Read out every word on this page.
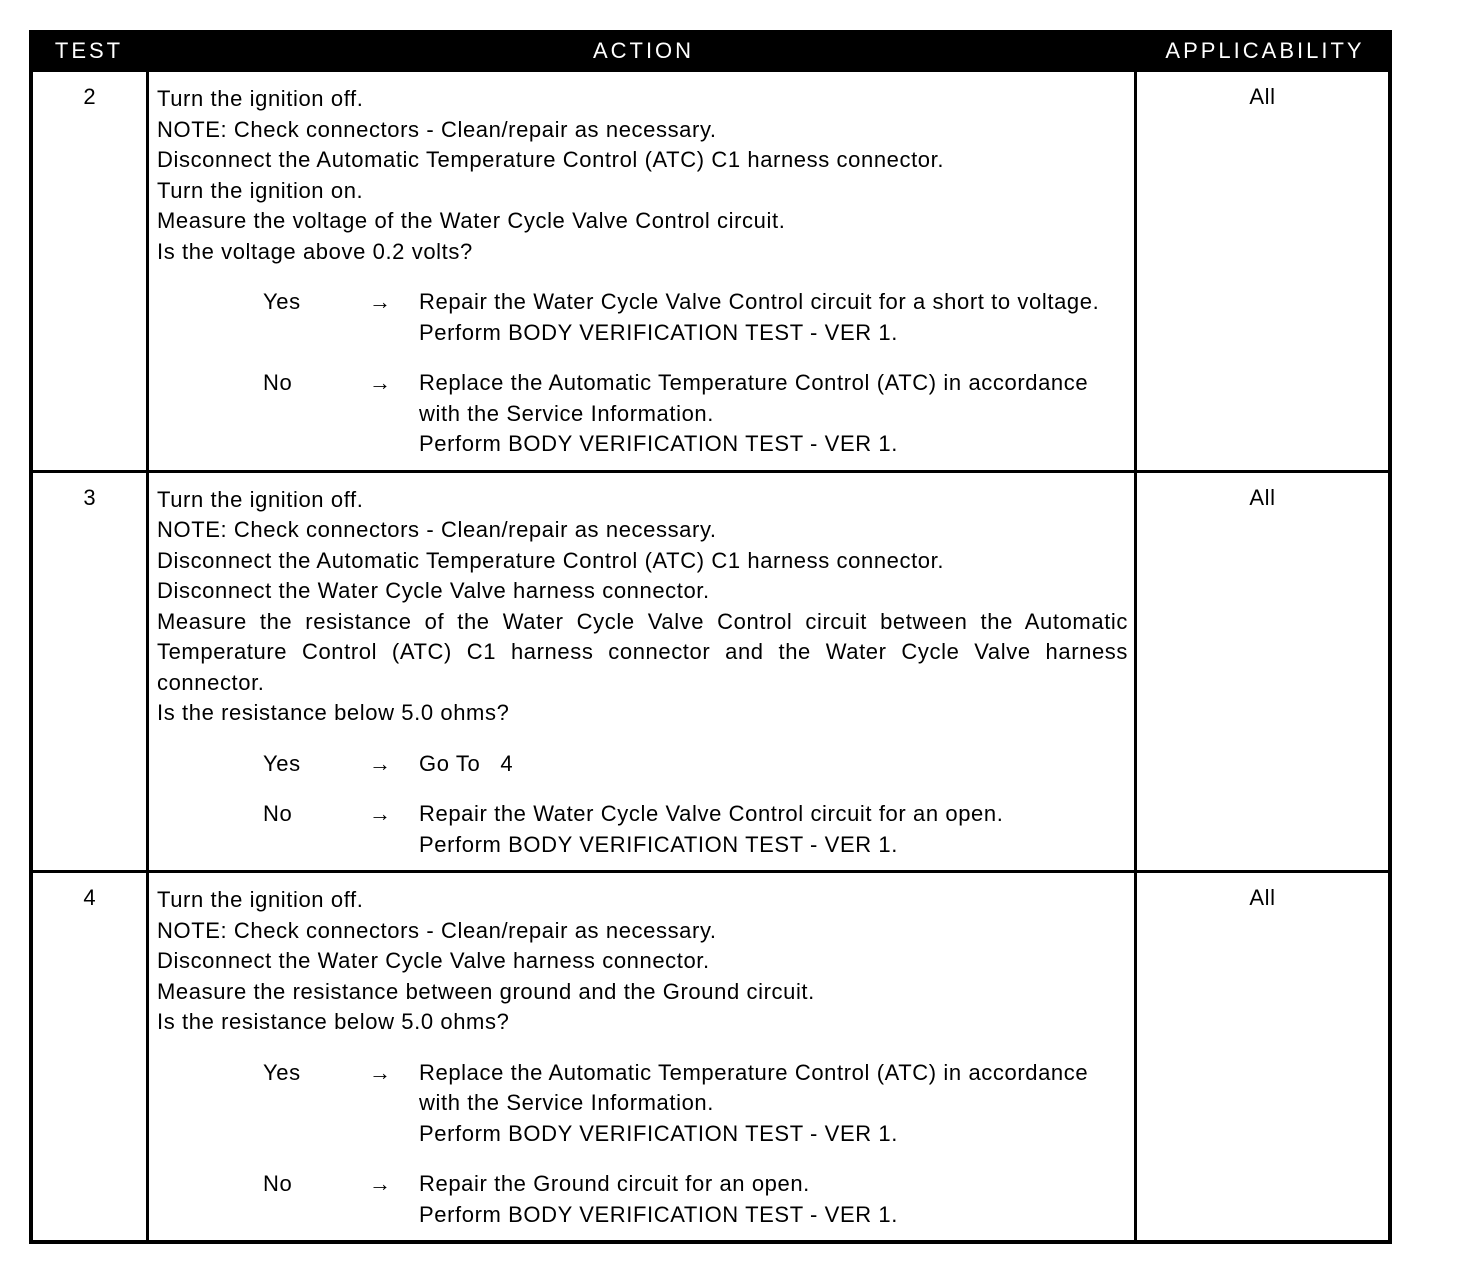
TEST	ACTION	APPLICABILITY
2	Turn the ignition off.
NOTE: Check connectors - Clean/repair as necessary.
Disconnect the Automatic Temperature Control (ATC) C1 harness connector.
Turn the ignition on.
Measure the voltage of the Water Cycle Valve Control circuit.
Is the voltage above 0.2 volts?
Yes	→	Repair the Water Cycle Valve Control circuit for a short to voltage.
Perform BODY VERIFICATION TEST - VER 1.
No	→	Replace the Automatic Temperature Control (ATC) in accordance
with the Service Information.
Perform BODY VERIFICATION TEST - VER 1.
All
3	Turn the ignition off.
NOTE: Check connectors - Clean/repair as necessary.
Disconnect the Automatic Temperature Control (ATC) C1 harness connector.
Disconnect the Water Cycle Valve harness connector.
Measure the resistance of the Water Cycle Valve Control circuit between the Automatic Temperature Control (ATC) C1 harness connector and the Water Cycle Valve harness connector.
Is the resistance below 5.0 ohms?
Yes	→	Go To   4
No	→	Repair the Water Cycle Valve Control circuit for an open.
Perform BODY VERIFICATION TEST - VER 1.
All
4	Turn the ignition off.
NOTE: Check connectors - Clean/repair as necessary.
Disconnect the Water Cycle Valve harness connector.
Measure the resistance between ground and the Ground circuit.
Is the resistance below 5.0 ohms?
Yes	→	Replace the Automatic Temperature Control (ATC) in accordance
with the Service Information.
Perform BODY VERIFICATION TEST - VER 1.
No	→	Repair the Ground circuit for an open.
Perform BODY VERIFICATION TEST - VER 1.
All
